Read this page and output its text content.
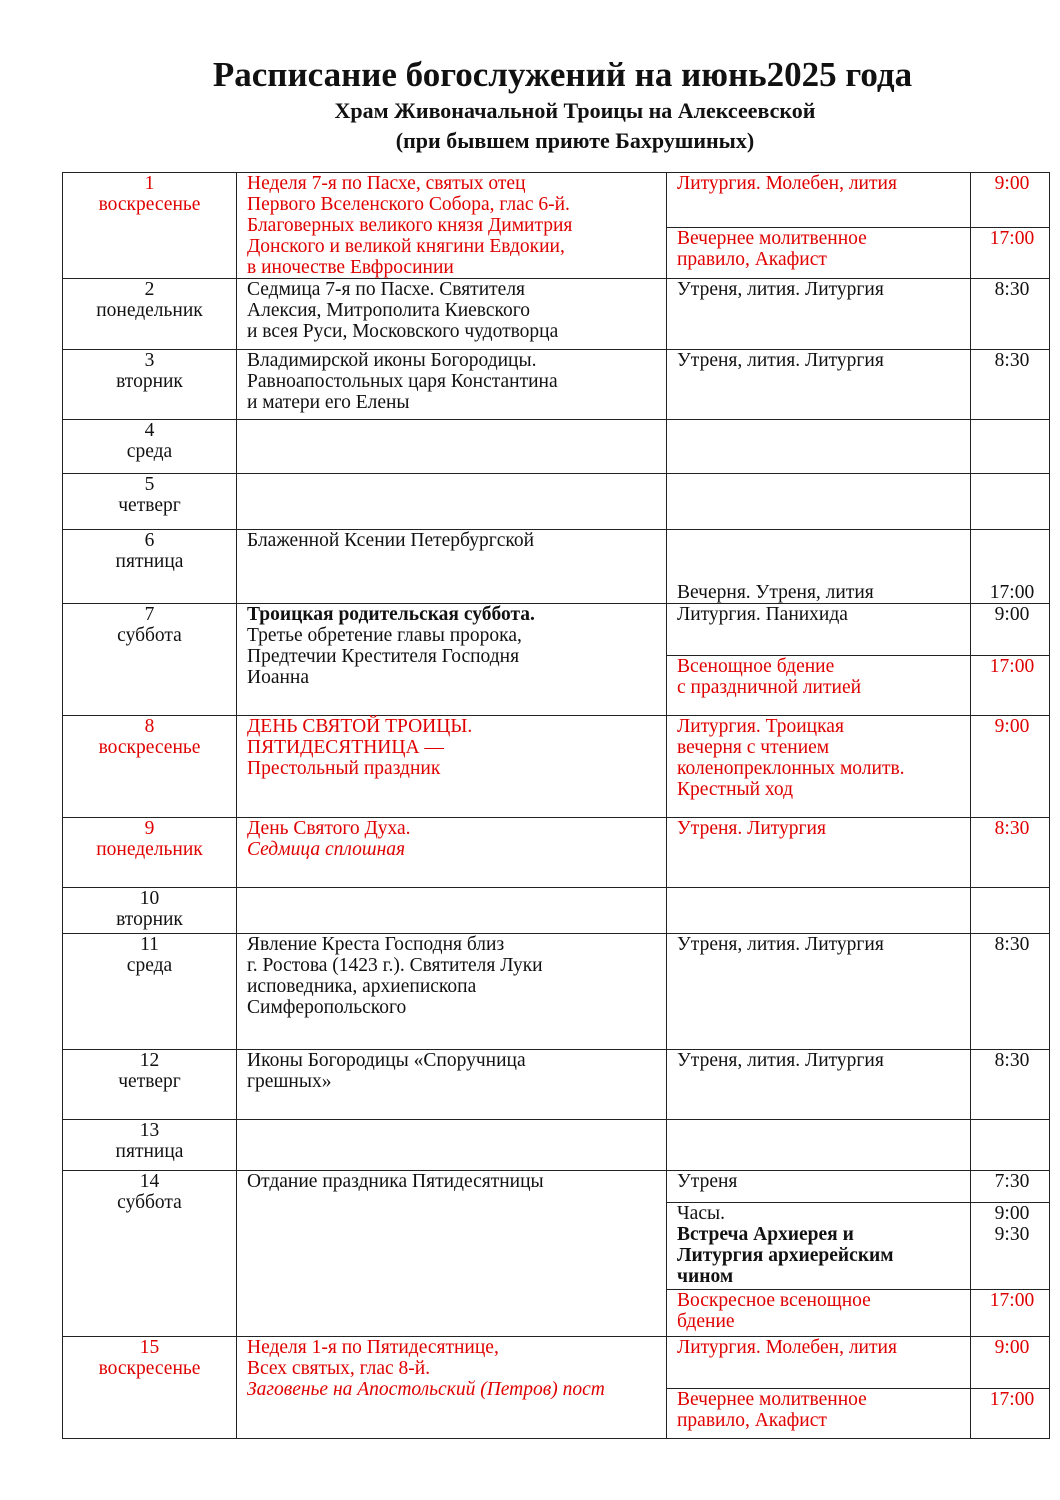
Расписание богослужений на июнь2025 года
Храм Живоначальной Троицы на Алексеевской
(при бывшем приюте Бахрушиных)
1
воскресенье	Неделя 7-я по Пасхе, святых отец
Первого Вселенского Собора, глас 6-й.
Благоверных великого князя Димитрия
Донского и великой княгини Евдокии,
в иночестве Евфросинии	Литургия. Молебен, лития	9:00

		Вечернее молитвенное
правило, Акафист	17:00

2
понедельник	Седмица 7-я по Пасхе. Святителя
Алексия, Митрополита Киевского
и всея Руси, Московского чудотворца	Утреня, лития. Литургия	8:30

3
вторник	Владимирской иконы Богородицы.
Равноапостольных царя Константина
и матери его Елены	Утреня, лития. Литургия	8:30

4
среда			

5
четверг			

6
пятница	Блаженной Ксении Петербургской	Вечерня. Утреня, лития	17:00

7
суббота	Троицкая родительская суббота.
Третье обретение главы пророка,
Предтечии Крестителя Господня
Иоанна	Литургия. Панихида	9:00

		Всенощное бдение
с праздничной литией	17:00

8
воскресенье	ДЕНЬ СВЯТОЙ ТРОИЦЫ.
ПЯТИДЕСЯТНИЦА —
Престольный праздник	Литургия. Троицкая
вечерня с чтением
коленопреклонных молитв.
Крестный ход	9:00

9
понедельник	День Святого Духа.
Седмица сплошная	Утреня. Литургия	8:30

10
вторник			

11
среда	Явление Креста Господня близ
г. Ростова (1423 г.). Святителя Луки
исповедника, архиепископа
Симферопольского	Утреня, лития. Литургия	8:30

12
четверг	Иконы Богородицы «Споручница
грешных»	Утреня, лития. Литургия	8:30

13
пятница			

14
суббота	Отдание праздника Пятидесятницы	Утреня	7:30

		Часы.
Встреча Архиерея и
Литургия архиерейским
чином	9:00
9:30

		Воскресное всенощное
бдение	17:00

15
воскресенье	Неделя 1-я по Пятидесятнице,
Всех святых, глас 8-й.
Заговенье на Апостольский (Петров) пост	Литургия. Молебен, лития	9:00

		Вечернее молитвенное
правило, Акафист	17:00
